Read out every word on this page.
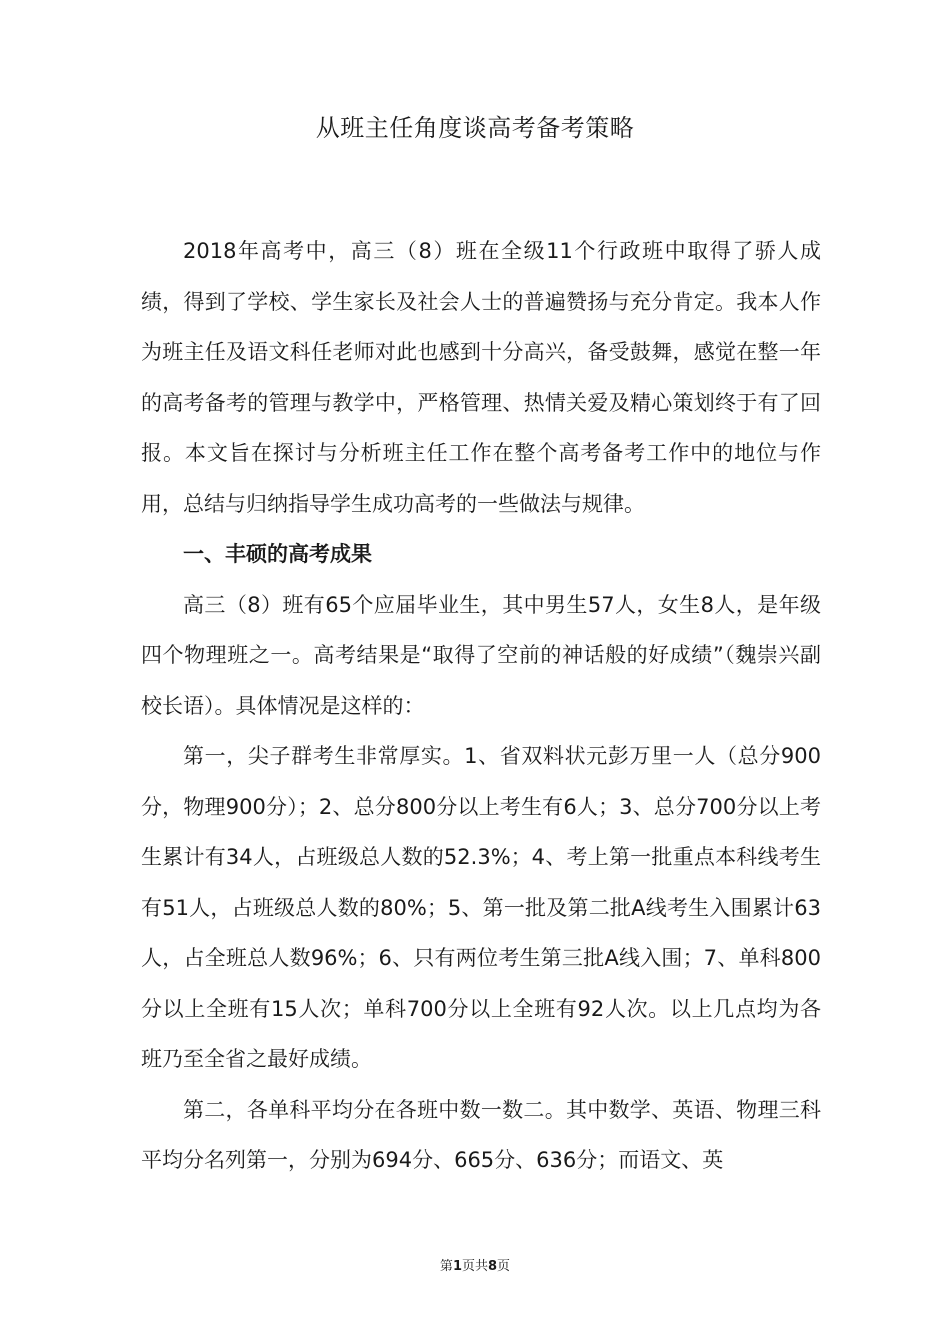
从班主任角度谈高考备考策略

2018年高考中，高三（8）班在全级11个行政班中取得了骄人成绩，得到了学校、学生家长及社会人士的普遍赞扬与充分肯定。我本人作为班主任及语文科任老师对此也感到十分高兴，备受鼓舞，感觉在整一年的高考备考的管理与教学中，严格管理、热情关爱及精心策划终于有了回报。本文旨在探讨与分析班主任工作在整个高考备考工作中的地位与作用，总结与归纳指导学生成功高考的一些做法与规律。

一、丰硕的高考成果

高三（8）班有65个应届毕业生，其中男生57人，女生8人，是年级四个物理班之一。高考结果是“取得了空前的神话般的好成绩”（魏崇兴副校长语）。具体情况是这样的：

第一，尖子群考生非常厚实。1、省双料状元彭万里一人（总分900分，物理900分）；2、总分800分以上考生有6人；3、总分700分以上考生累计有34人，占班级总人数的52.3%；4、考上第一批重点本科线考生有51人，占班级总人数的80%；5、第一批及第二批A线考生入围累计63人，占全班总人数96%；6、只有两位考生第三批A线入围；7、单科800分以上全班有15人次；单科700分以上全班有92人次。以上几点均为各班乃至全省之最好成绩。

第二，各单科平均分在各班中数一数二。其中数学、英语、物理三科平均分名列第一，分别为694分、665分、636分；而语文、英

第1页共8页
